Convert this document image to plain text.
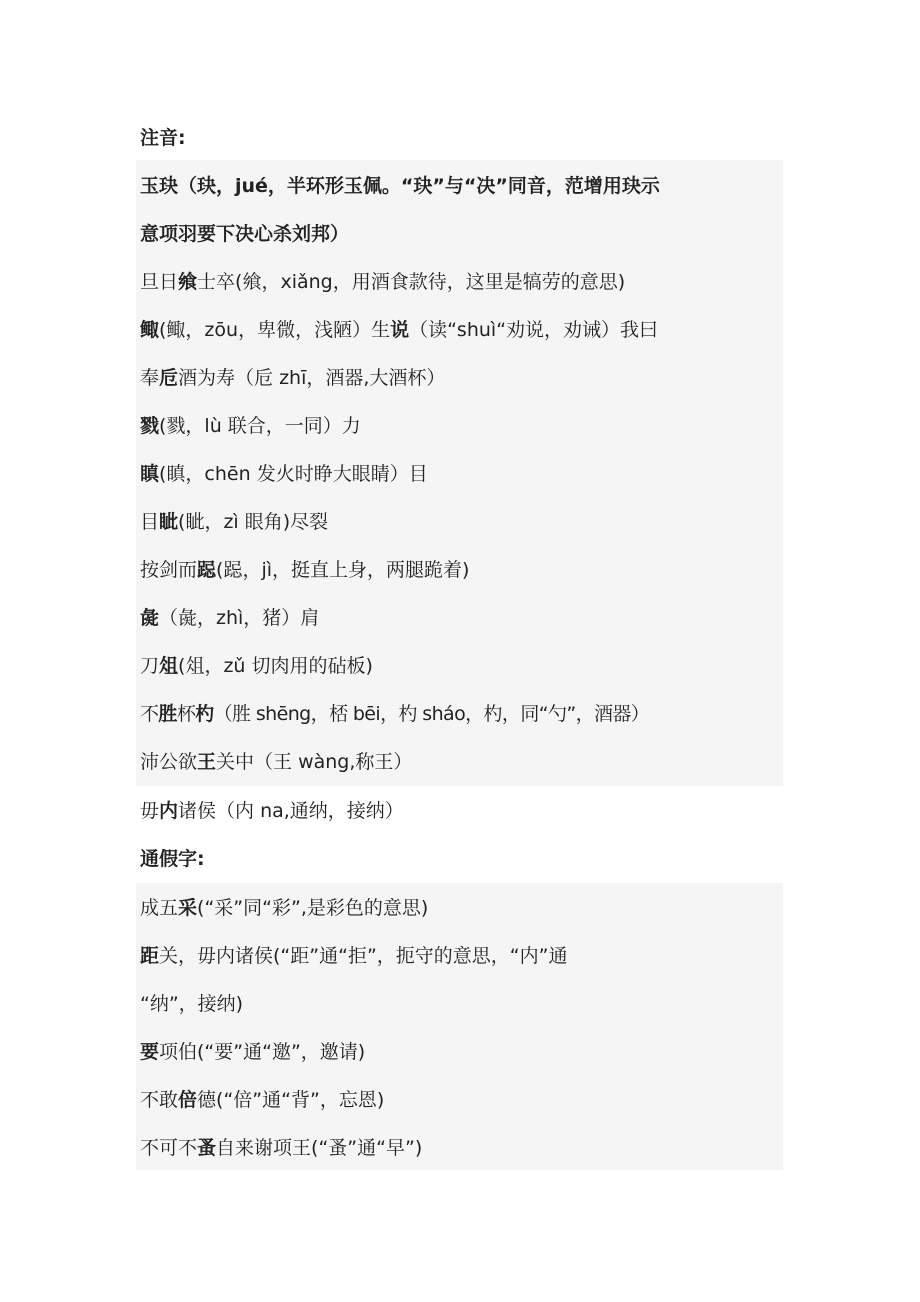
注音:
玉玦（玦，jué，半环形玉佩。“玦”与“决”同音，范增用玦示
意项羽要下决心杀刘邦）
旦日飨士卒(飨，xiǎng，用酒食款待，这里是犒劳的意思)
鲰(鲰，zōu，卑微，浅陋）生说（读“shuì“劝说，劝诫）我曰
奉卮酒为寿（卮 zhī，酒器,大酒杯）
戮(戮，lù 联合，一同）力
瞋(瞋，chēn 发火时睁大眼睛）目
目眦(眦，zì 眼角)尽裂
按剑而跽(跽，jì，挺直上身，两腿跪着)
彘（彘，zhì，猪）肩
刀俎(俎，zǔ 切肉用的砧板)
不胜杯杓（胜 shēng，桮 bēi，杓 sháo，杓，同“勺”，酒器）
沛公欲王关中（王 wàng,称王）
毋内诸侯（内 na,通纳，接纳）
通假字:
成五采(“采”同“彩”,是彩色的意思)
距关，毋内诸侯(“距”通“拒”，扼守的意思，“内”通
“纳”，接纳)
要项伯(“要”通“邀”，邀请)
不敢倍德(“倍”通“背”，忘恩)
不可不蚤自来谢项王(“蚤”通“早”)
